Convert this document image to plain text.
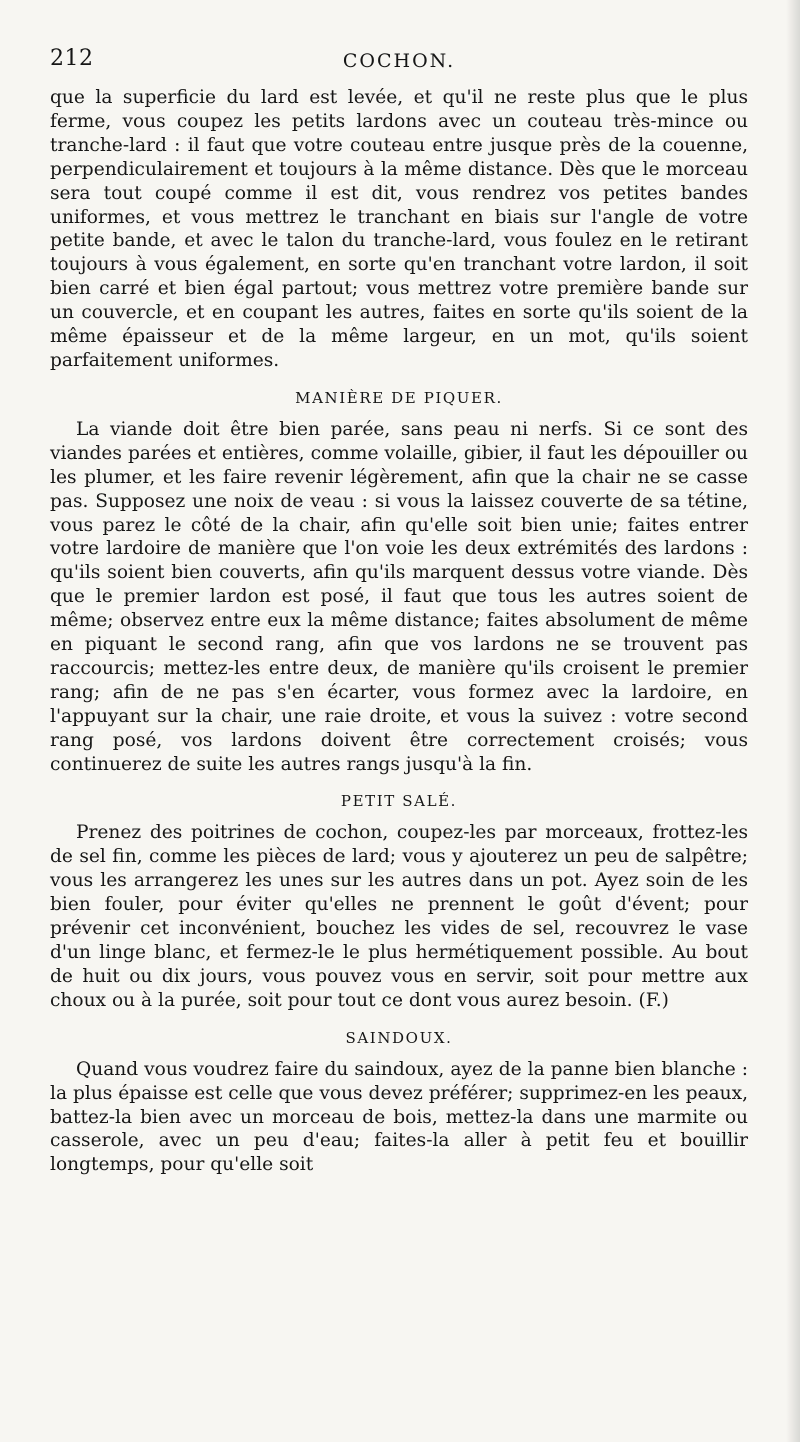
212	COCHON.

que la superficie du lard est levée, et qu'il ne reste plus que le plus ferme, vous coupez les petits lardons avec un couteau très-mince ou tranche-lard : il faut que votre couteau entre jusque près de la couenne, perpendiculairement et toujours à la même distance. Dès que le morceau sera tout coupé comme il est dit, vous rendrez vos petites bandes uniformes, et vous mettrez le tranchant en biais sur l'angle de votre petite bande, et avec le talon du tranche-lard, vous foulez en le retirant toujours à vous également, en sorte qu'en tranchant votre lardon, il soit bien carré et bien égal partout; vous mettrez votre première bande sur un couvercle, et en coupant les autres, faites en sorte qu'ils soient de la même épaisseur et de la même largeur, en un mot, qu'ils soient parfaitement uniformes.

MANIÈRE DE PIQUER.

La viande doit être bien parée, sans peau ni nerfs. Si ce sont des viandes parées et entières, comme volaille, gibier, il faut les dépouiller ou les plumer, et les faire revenir légèrement, afin que la chair ne se casse pas. Supposez une noix de veau : si vous la laissez couverte de sa tétine, vous parez le côté de la chair, afin qu'elle soit bien unie; faites entrer votre lardoire de manière que l'on voie les deux extrémités des lardons : qu'ils soient bien couverts, afin qu'ils marquent dessus votre viande. Dès que le premier lardon est posé, il faut que tous les autres soient de même; observez entre eux la même distance; faites absolument de même en piquant le second rang, afin que vos lardons ne se trouvent pas raccourcis; mettez-les entre deux, de manière qu'ils croisent le premier rang; afin de ne pas s'en écarter, vous formez avec la lardoire, en l'appuyant sur la chair, une raie droite, et vous la suivez : votre second rang posé, vos lardons doivent être correctement croisés; vous continuerez de suite les autres rangs jusqu'à la fin.

PETIT SALÉ.

Prenez des poitrines de cochon, coupez-les par morceaux, frottez-les de sel fin, comme les pièces de lard; vous y ajouterez un peu de salpêtre; vous les arrangerez les unes sur les autres dans un pot. Ayez soin de les bien fouler, pour éviter qu'elles ne prennent le goût d'évent; pour prévenir cet inconvénient, bouchez les vides de sel, recouvrez le vase d'un linge blanc, et fermez-le le plus hermétiquement possible. Au bout de huit ou dix jours, vous pouvez vous en servir, soit pour mettre aux choux ou à la purée, soit pour tout ce dont vous aurez besoin. (F.)

SAINDOUX.

Quand vous voudrez faire du saindoux, ayez de la panne bien blanche : la plus épaisse est celle que vous devez préférer; supprimez-en les peaux, battez-la bien avec un morceau de bois, mettez-la dans une marmite ou casserole, avec un peu d'eau; faites-la aller à petit feu et bouillir longtemps, pour qu'elle soit
